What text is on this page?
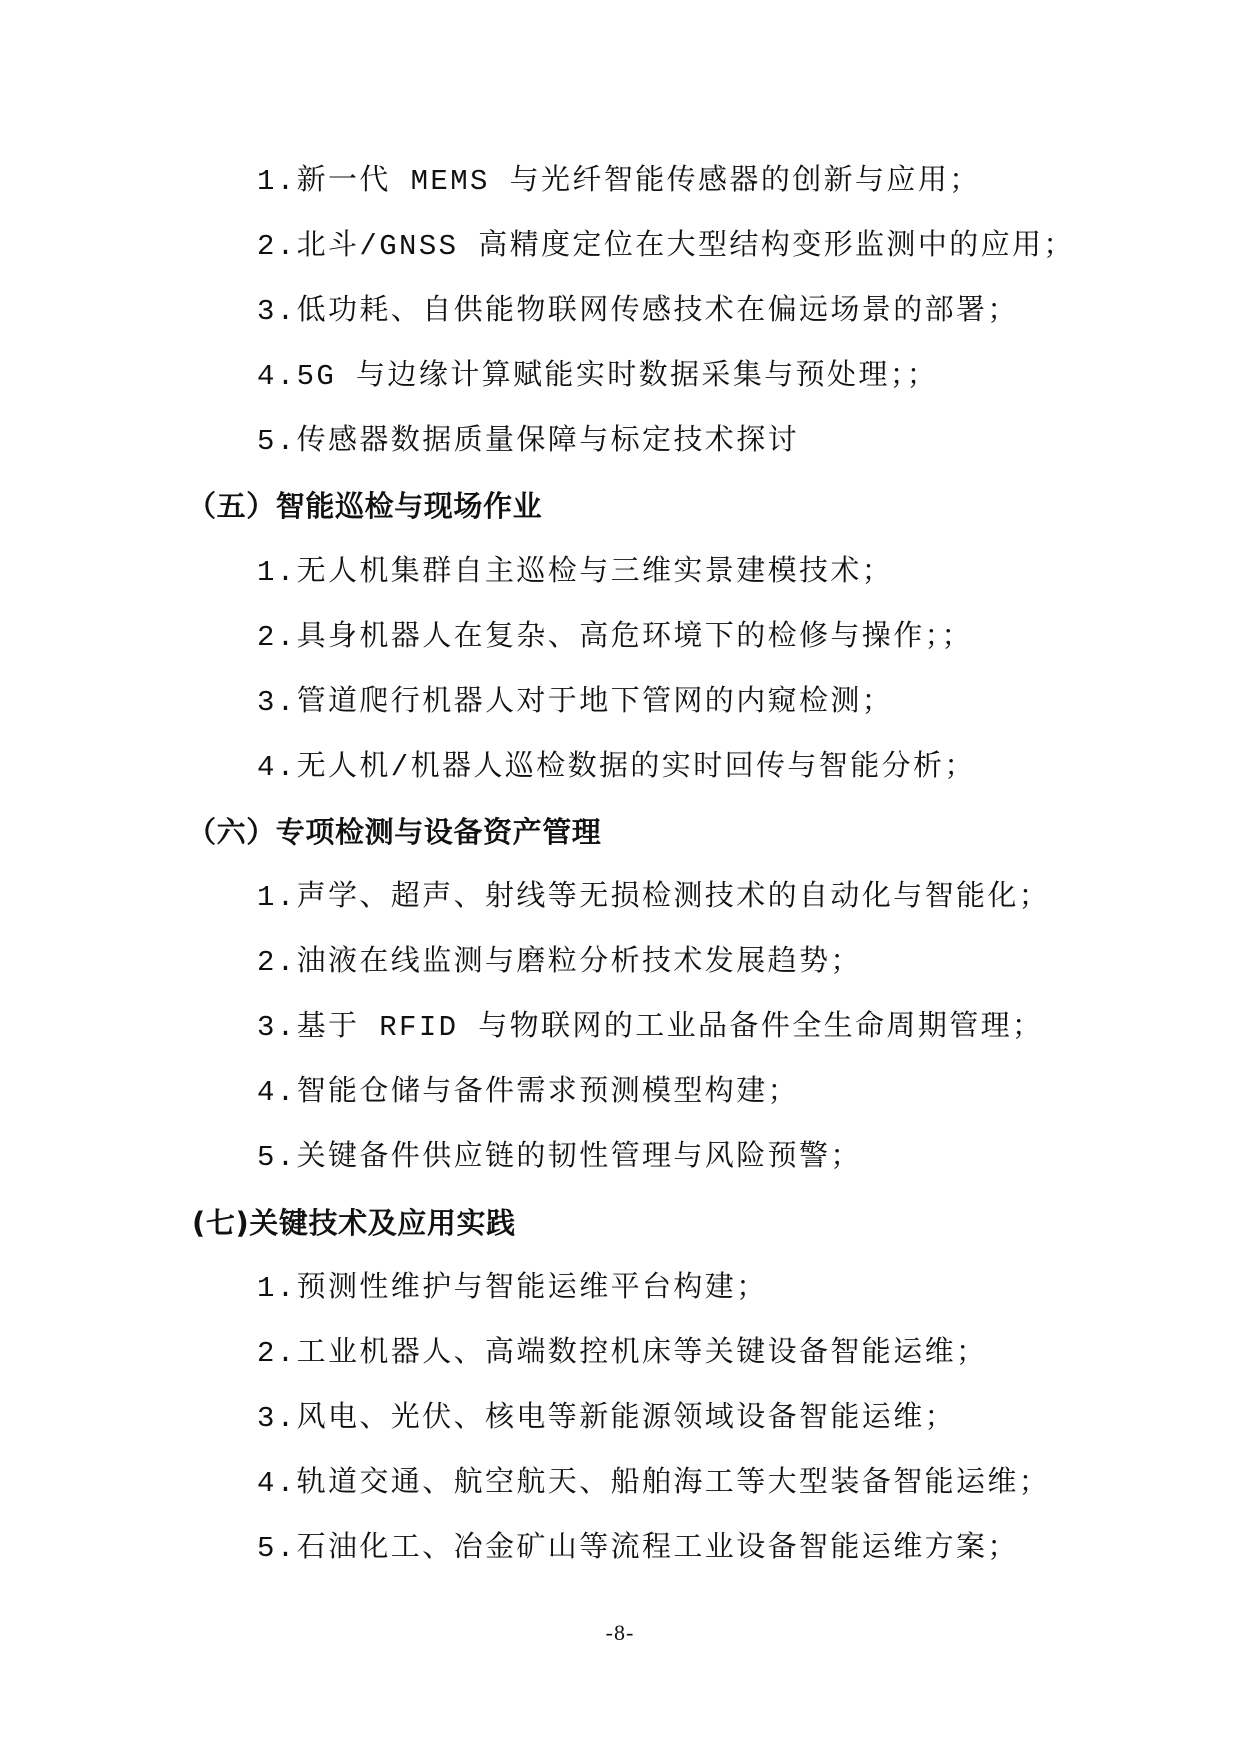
1.新一代 MEMS 与光纤智能传感器的创新与应用；
2.北斗/GNSS 高精度定位在大型结构变形监测中的应用；
3.低功耗、自供能物联网传感技术在偏远场景的部署；
4.5G 与边缘计算赋能实时数据采集与预处理；；
5.传感器数据质量保障与标定技术探讨
（五）智能巡检与现场作业
1.无人机集群自主巡检与三维实景建模技术；
2.具身机器人在复杂、高危环境下的检修与操作；；
3.管道爬行机器人对于地下管网的内窥检测；
4.无人机/机器人巡检数据的实时回传与智能分析；
（六）专项检测与设备资产管理
1.声学、超声、射线等无损检测技术的自动化与智能化；
2.油液在线监测与磨粒分析技术发展趋势；
3.基于 RFID 与物联网的工业品备件全生命周期管理；
4.智能仓储与备件需求预测模型构建；
5.关键备件供应链的韧性管理与风险预警；
(七)关键技术及应用实践
1.预测性维护与智能运维平台构建；
2.工业机器人、高端数控机床等关键设备智能运维；
3.风电、光伏、核电等新能源领域设备智能运维；
4.轨道交通、航空航天、船舶海工等大型装备智能运维；
5.石油化工、冶金矿山等流程工业设备智能运维方案；
-8-
